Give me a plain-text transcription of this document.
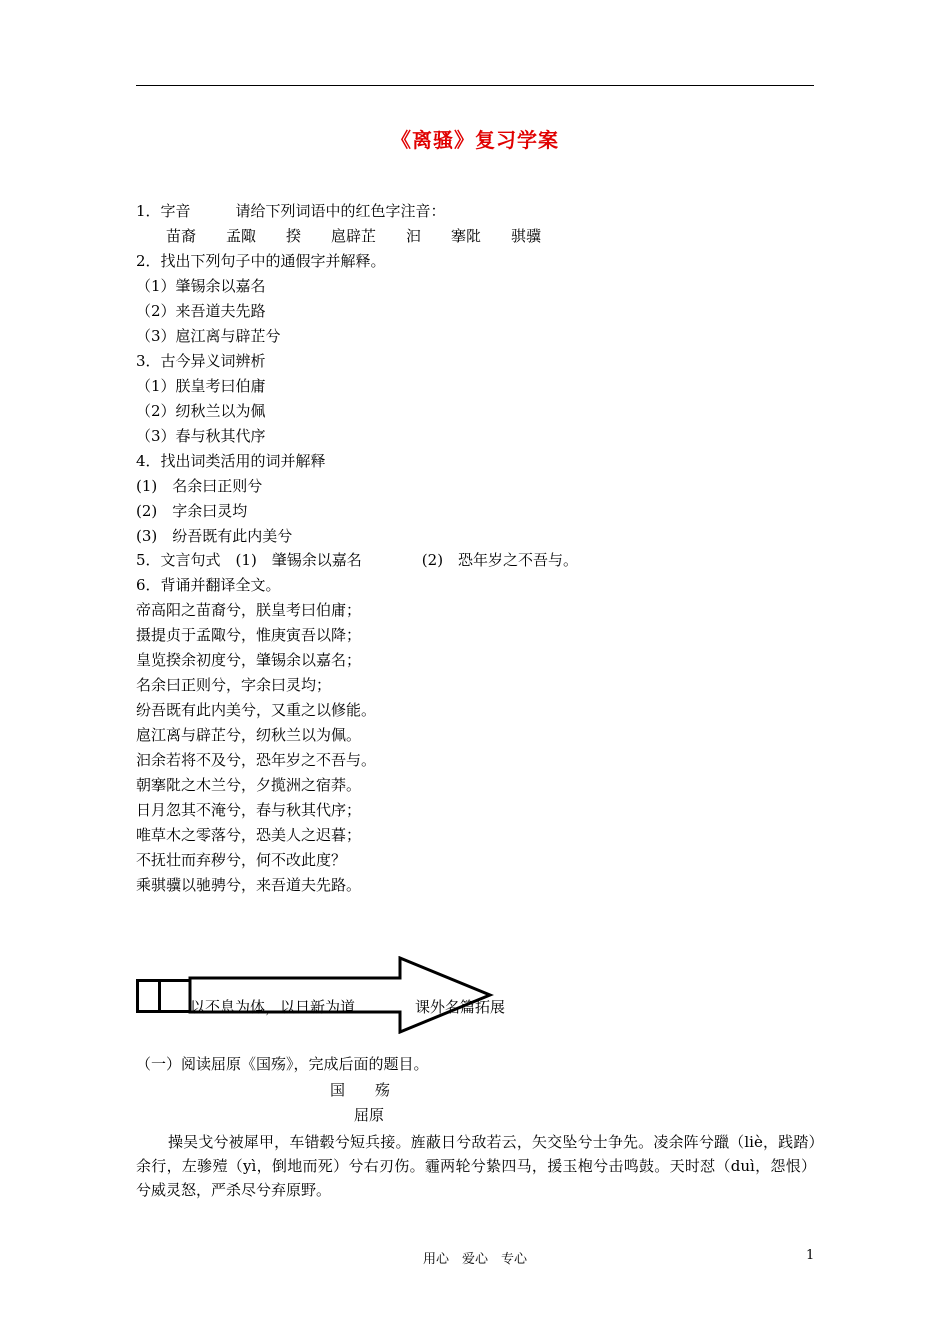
《离骚》复习学案
1．字音　　　请给下列词语中的红色字注音：
　　苗裔　　孟陬　　揆　　扈辟芷　　汩　　搴阰　　骐骥
2．找出下列句子中的通假字并解释。
（1）肇锡余以嘉名
（2）来吾道夫先路
（3）扈江离与辟芷兮
3．古今异义词辨析
（1）朕皇考曰伯庸
（2）纫秋兰以为佩
（3）春与秋其代序
4．找出词类活用的词并解释
(1)　名余曰正则兮
(2)　字余曰灵均
(3)　纷吾既有此内美兮
5．文言句式　(1)　肇锡余以嘉名　　　　(2)　恐年岁之不吾与。
6．背诵并翻译全文。
帝高阳之苗裔兮，朕皇考曰伯庸；
摄提贞于孟陬兮，惟庚寅吾以降；
皇览揆余初度兮，肇锡余以嘉名；
名余曰正则兮，字余曰灵均；
纷吾既有此内美兮，又重之以修能。
扈江离与辟芷兮，纫秋兰以为佩。
汩余若将不及兮，恐年岁之不吾与。
朝搴阰之木兰兮，夕揽洲之宿莽。
日月忽其不淹兮，春与秋其代序；
唯草木之零落兮，恐美人之迟暮；
不抚壮而弃秽兮，何不改此度？
乘骐骥以驰骋兮，来吾道夫先路。
以不息为体，以日新为道	课外名篇拓展
（一）阅读屈原《国殇》，完成后面的题目。
国　　殇
屈原
操吴戈兮被犀甲，车错毂兮短兵接。旌蔽日兮敌若云，矢交坠兮士争先。凌余阵兮躐（liè，践踏）余行，左骖殪（yì，倒地而死）兮右刃伤。霾两轮兮絷四马，援玉枹兮击鸣鼓。天时怼（duì，怨恨）兮威灵怒，严杀尽兮弃原野。
用心　爱心　专心	1
